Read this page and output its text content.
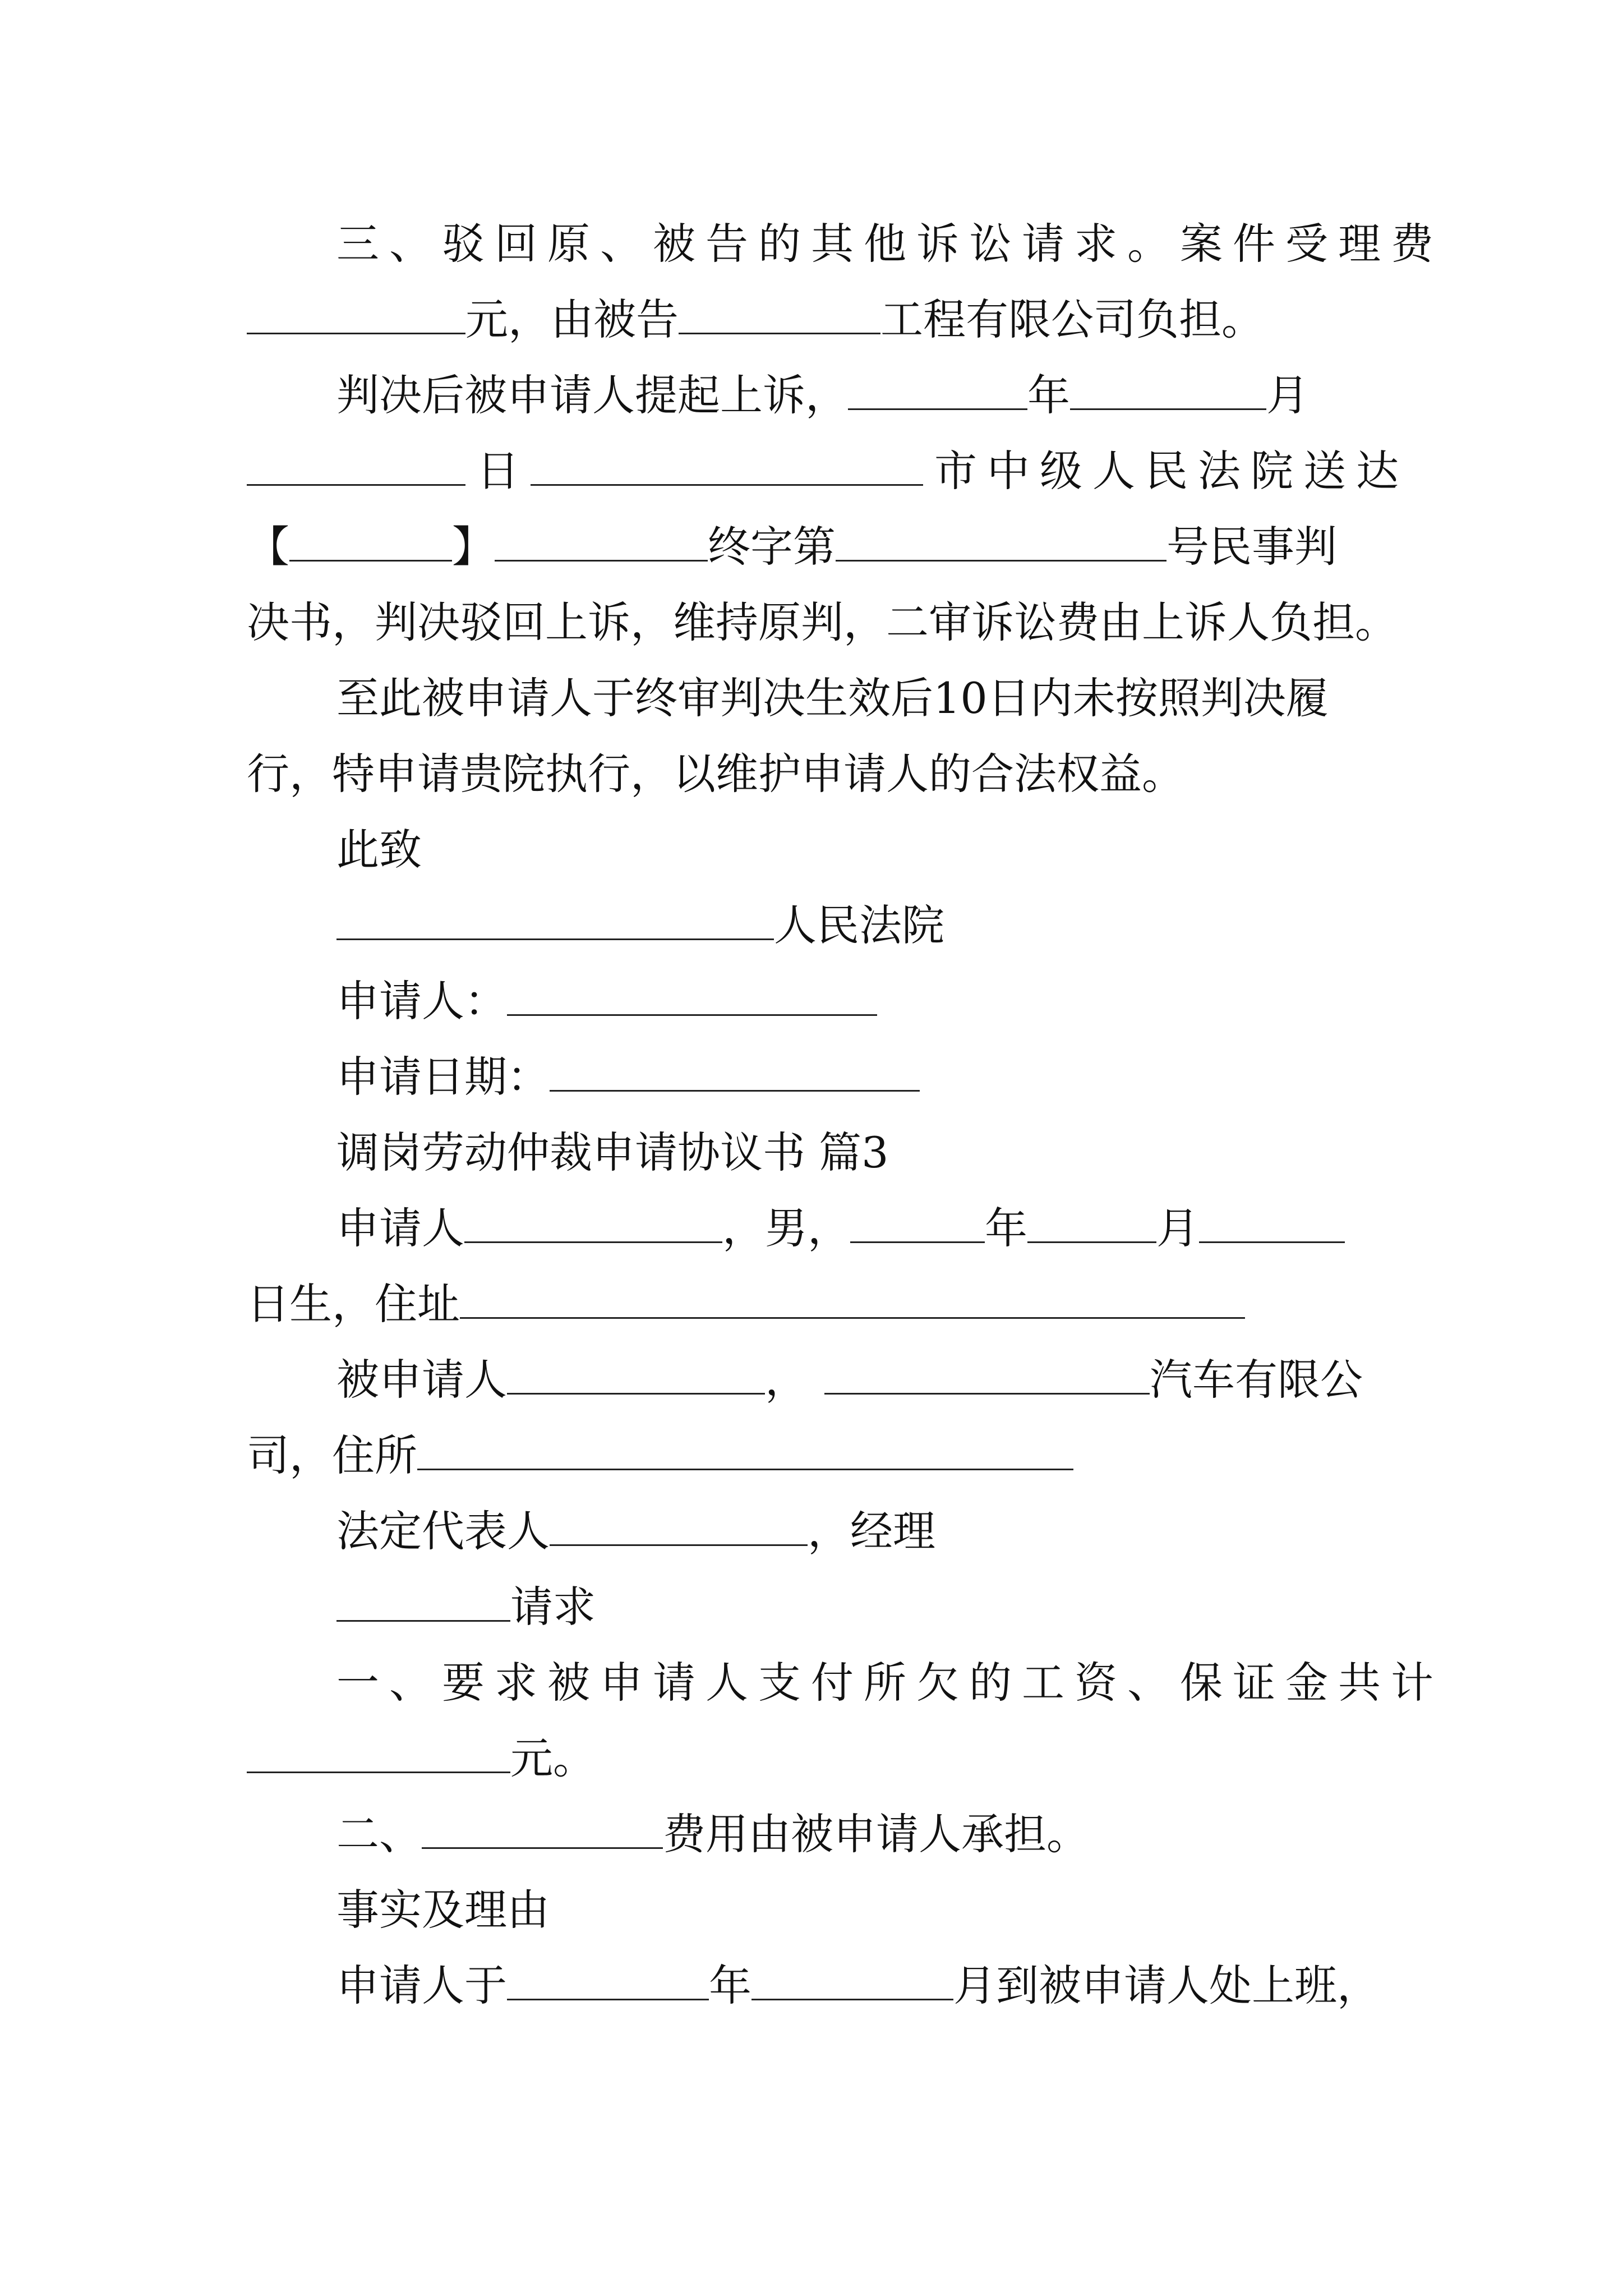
三、驳回原、被告的其他诉讼请求。案件受理费
元，由被告	工程有限公司负担。
判决后被申请人提起上诉，	年	月
日	市中级人民法院送达
【	】	终字第	号民事判
决书，判决驳回上诉，维持原判，二审诉讼费由上诉人负担。
至此被申请人于终审判决生效后10日内未按照判决履
行，特申请贵院执行，以维护申请人的合法权益。
此致
人民法院
申请人：
申请日期：
调岗劳动仲裁申请协议书 篇3
申请人	，男，	年	月
日生，住址
被申请人	，	汽车有限公
司，住所
法定代表人	，经理
请求
一、要求被申请人支付所欠的工资、保证金共计
元。
二、	费用由被申请人承担。
事实及理由
申请人于	年	月到被申请人处上班，
